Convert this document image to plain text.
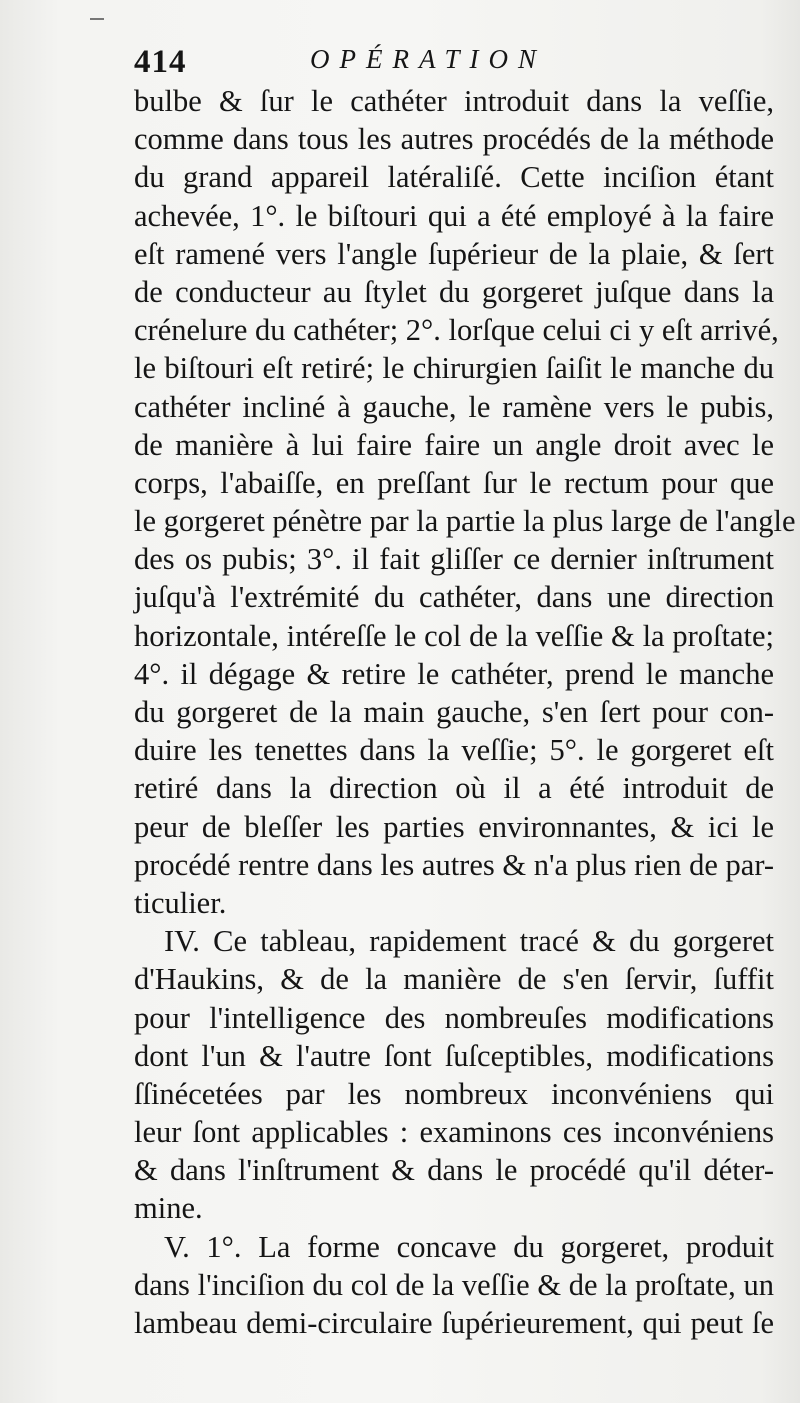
414	OPÉRATION
bulbe & ſur le cathéter introduit dans la veſſie,
comme dans tous les autres procédés de la méthode
du grand appareil latéraliſé. Cette inciſion étant
achevée, 1°. le biſtouri qui a été employé à la faire
eſt ramené vers l'angle ſupérieur de la plaie, & ſert
de conducteur au ſtylet du gorgeret juſque dans la
crénelure du cathéter; 2°. lorſque celui ci y eſt arrivé,
le biſtouri eſt retiré; le chirurgien ſaiſit le manche du
cathéter incliné à gauche, le ramène vers le pubis,
de manière à lui faire faire un angle droit avec le
corps, l'abaiſſe, en preſſant ſur le rectum pour que
le gorgeret pénètre par la partie la plus large de l'angle
des os pubis; 3°. il fait gliſſer ce dernier inſtrument
juſqu'à l'extrémité du cathéter, dans une direction
horizontale, intéreſſe le col de la veſſie & la proſtate;
4°. il dégage & retire le cathéter, prend le manche
du gorgeret de la main gauche, s'en ſert pour con-
duire les tenettes dans la veſſie; 5°. le gorgeret eſt
retiré dans la direction où il a été introduit de
peur de bleſſer les parties environnantes, & ici le
procédé rentre dans les autres & n'a plus rien de par-
ticulier.
IV. Ce tableau, rapidement tracé & du gorgeret
d'Haukins, & de la manière de s'en ſervir, ſuffit
pour l'intelligence des nombreuſes modifications
dont l'un & l'autre ſont ſuſceptibles, modifications
ſſinécetées par les nombreux inconvéniens qui
leur ſont applicables : examinons ces inconvéniens
& dans l'inſtrument & dans le procédé qu'il déter-
mine.
V. 1°. La forme concave du gorgeret, produit
dans l'inciſion du col de la veſſie & de la proſtate, un
lambeau demi-circulaire ſupérieurement, qui peut ſe
